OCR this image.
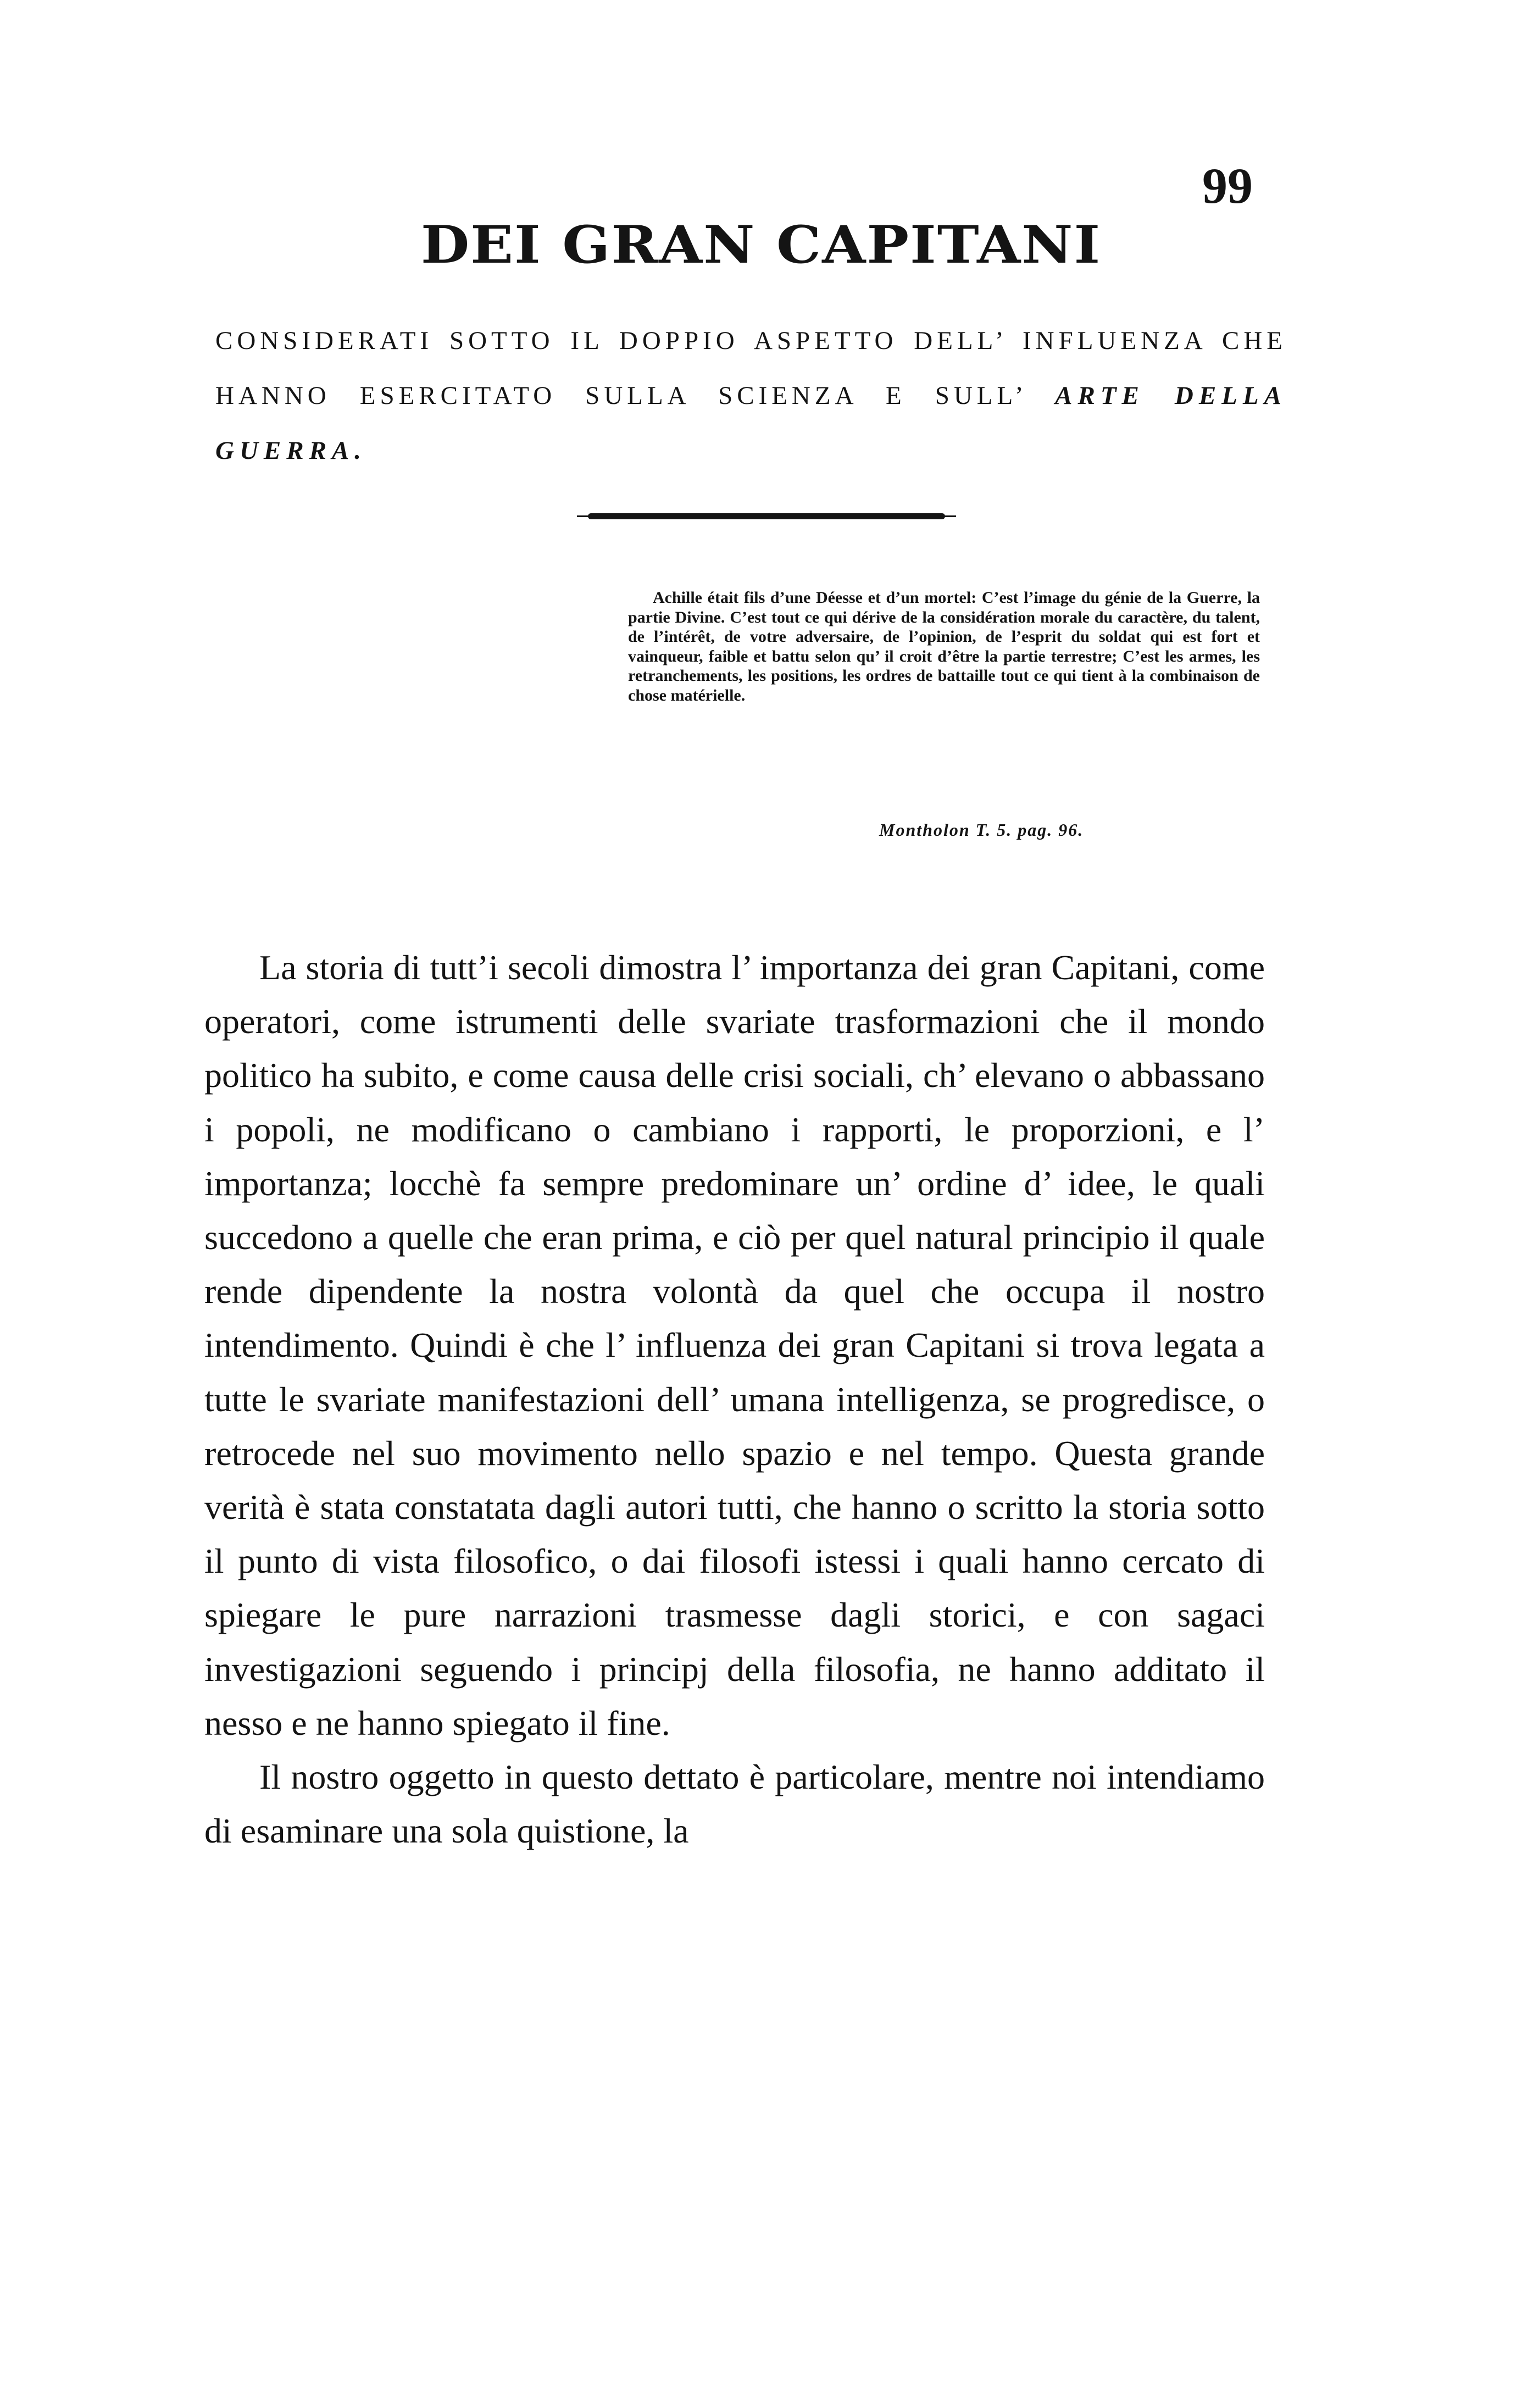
99
DEI GRAN CAPITANI
CONSIDERATI SOTTO IL DOPPIO ASPETTO DELL’ INFLUENZA CHE HANNO ESERCITATO SULLA SCIENZA E SULL’ ARTE DELLA GUERRA.
Achille était fils d’une Déesse et d’un mortel: C’est l’image du génie de la Guerre, la partie Divine. C’est tout ce qui dérive de la considération morale du caractère, du talent, de l’intérêt, de votre adversaire, de l’opinion, de l’esprit du soldat qui est fort et vainqueur, faible et battu selon qu’ il croit d’être la partie terrestre; C’est les armes, les retranchements, les positions, les ordres de battaille tout ce qui tient à la combinaison de chose matérielle.
Montholon T. 5. pag. 96.

La storia di tutt’i secoli dimostra l’ importanza dei gran Capitani, come operatori, come istrumenti delle svariate trasformazioni che il mondo politico ha subito, e come causa delle crisi sociali, ch’ elevano o abbassano i popoli, ne modificano o cambiano i rapporti, le proporzioni, e l’ importanza; locchè fa sempre predominare un’ ordine d’ idee, le quali succedono a quelle che eran prima, e ciò per quel natural principio il quale rende dipendente la nostra volontà da quel che occupa il nostro intendimento. Quindi è che l’ influenza dei gran Capitani si trova legata a tutte le svariate manifestazioni dell’ umana intelligenza, se progredisce, o retrocede nel suo movimento nello spazio e nel tempo. Questa grande verità è stata constatata dagli autori tutti, che hanno o scritto la storia sotto il punto di vista filosofico, o dai filosofi istessi i quali hanno cercato di spiegare le pure narrazioni trasmesse dagli storici, e con sagaci investigazioni seguendo i principj della filosofia, ne hanno additato il nesso e ne hanno spiegato il fine.

Il nostro oggetto in questo dettato è particolare, mentre noi intendiamo di esaminare una sola quistione, la
